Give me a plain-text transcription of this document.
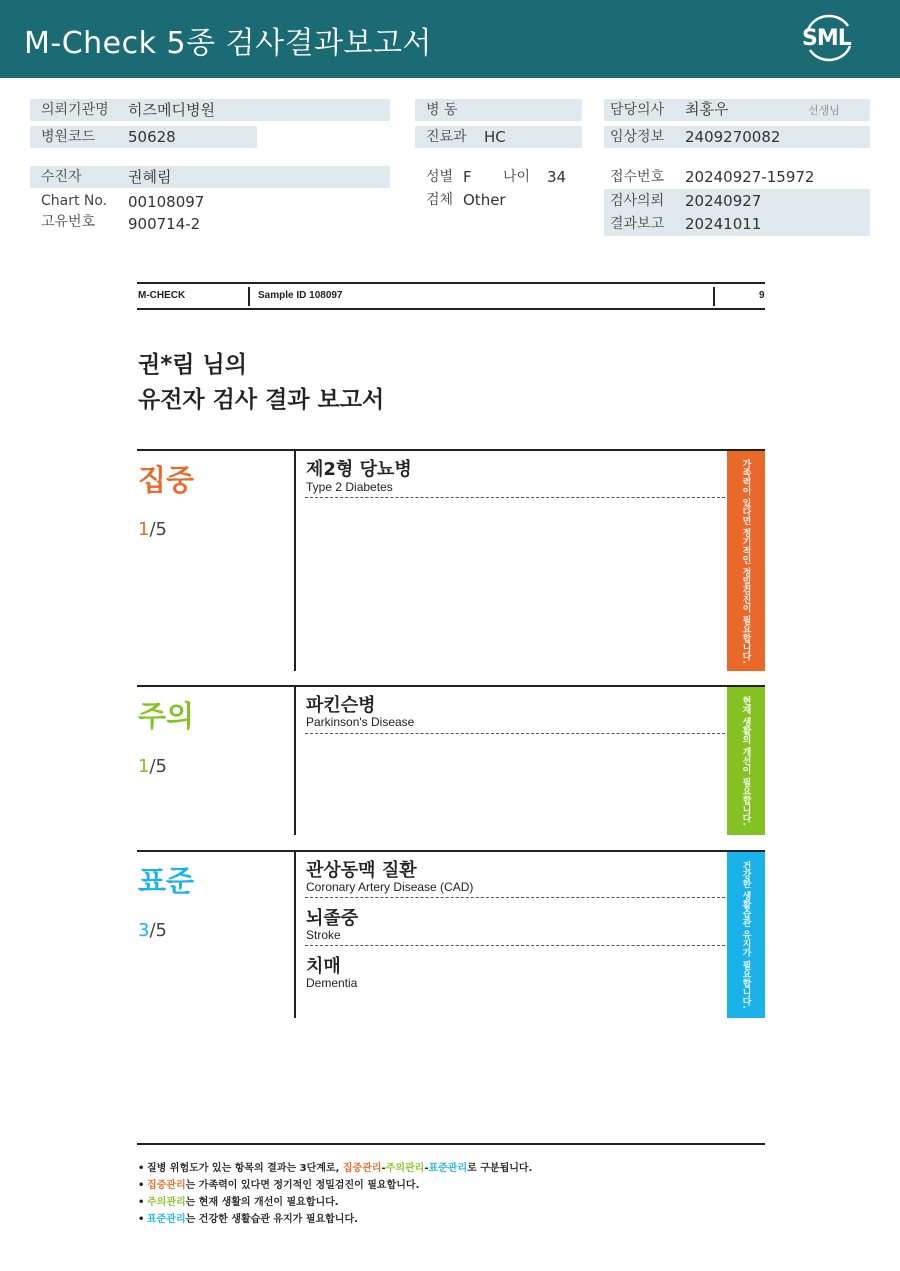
M-Check 5종 검사결과보고서	SML
의뢰기관명 히즈메디병원
병원코드 50628
수진자	권혜림
Chart No. 00108097
고유번호 900714-2
병 동
진료과 HC
성별 F 나이 34
검체 Other
담당의사 최홍우	선생님
임상정보 2409270082
접수번호 20240927-15972
검사의뢰 20240927
결과보고 20241011
M-CHECK	Sample ID 108097	9
권*림 님의
유전자 검사 결과 보고서
집중
1/5	가족력이 있다면 정기적인 정밀검진이 필요합니다.
제2형 당뇨병
Type 2 Diabetes
주의
1/5	현재 생활의 개선이 필요합니다.
파킨슨병
Parkinson's Disease
표준
3/5	건강한 생활습관 유지가 필요합니다.
관상동맥 질환
Coronary Artery Disease (CAD)
뇌졸중
Stroke
치매
Dementia
• 질병 위험도가 있는 항목의 결과는 3단계로, 집중관리-주의관리-표준관리로 구분됩니다.
• 집중관리는 가족력이 있다면 정기적인 정밀검진이 필요합니다.
• 주의관리는 현재 생활의 개선이 필요합니다.
• 표준관리는 건강한 생활습관 유지가 필요합니다.
